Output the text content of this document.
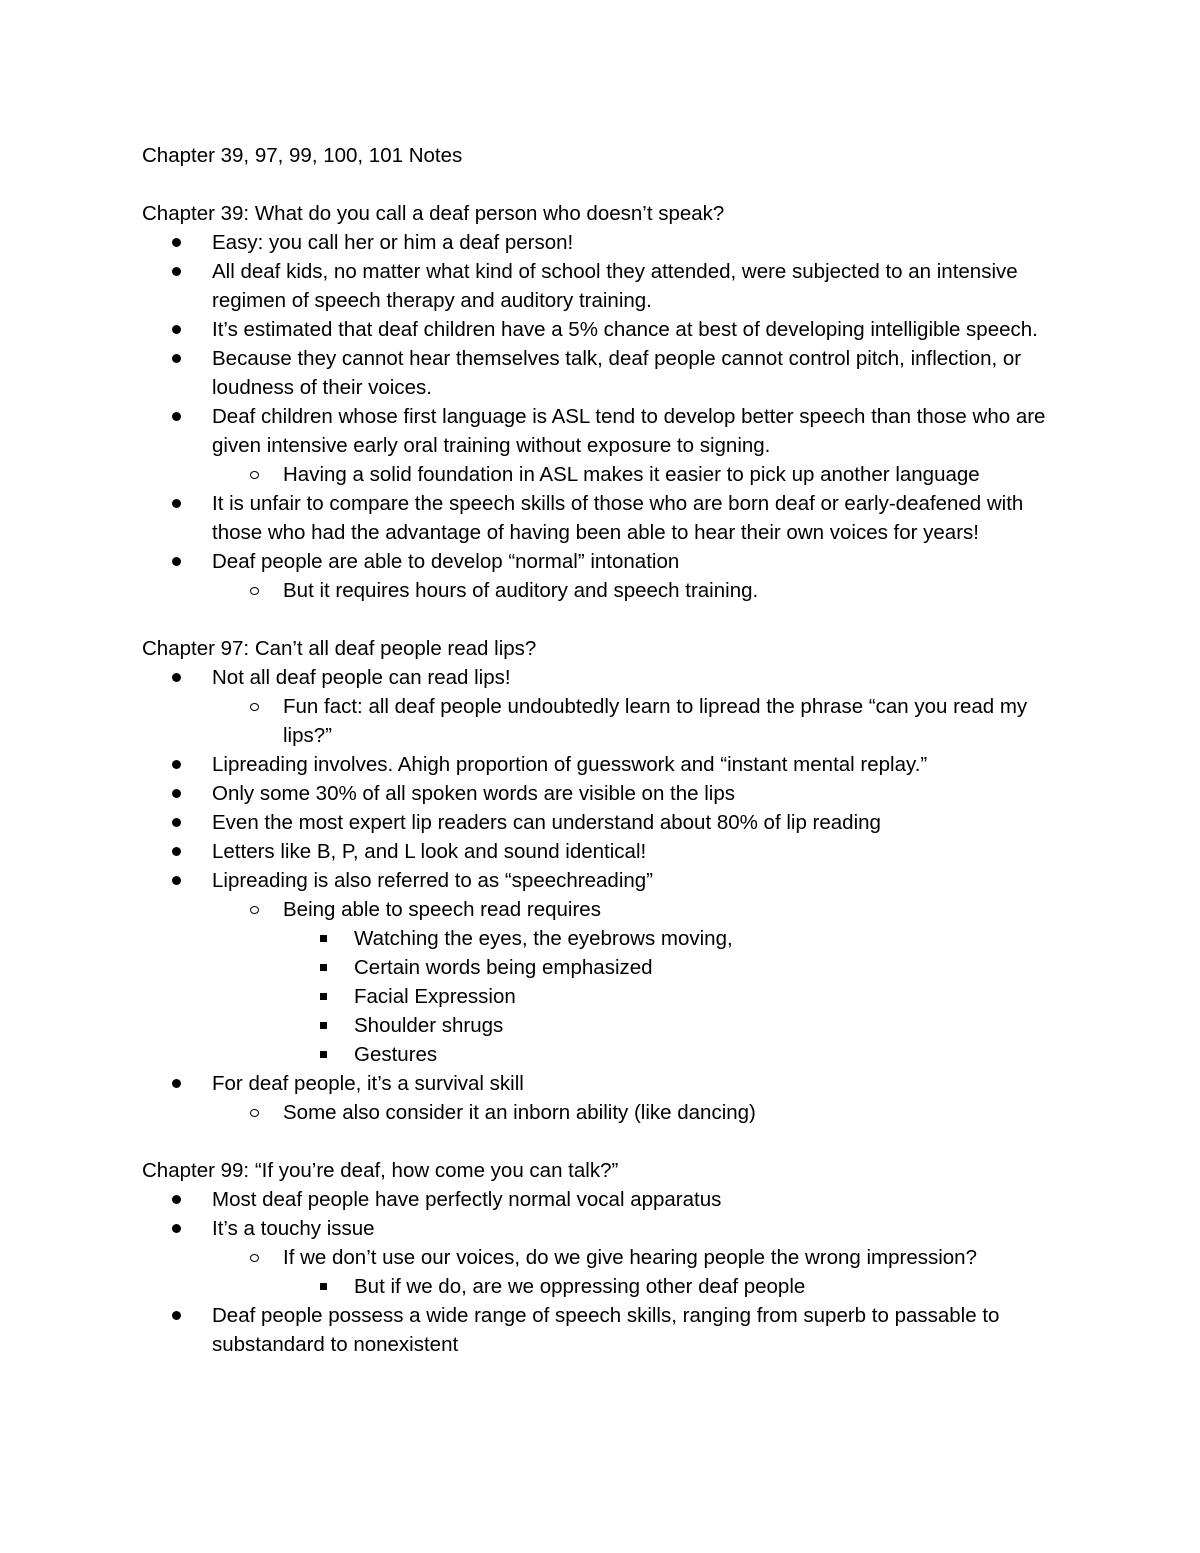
Chapter 39, 97, 99, 100, 101 Notes

Chapter 39: What do you call a deaf person who doesn’t speak?

Easy: you call her or him a deaf person!
All deaf kids, no matter what kind of school they attended, were subjected to an intensive regimen of speech therapy and auditory training.
It’s estimated that deaf children have a 5% chance at best of developing intelligible speech.
Because they cannot hear themselves talk, deaf people cannot control pitch, inflection, or loudness of their voices.
Deaf children whose first language is ASL tend to develop better speech than those who are given intensive early oral training without exposure to signing.
Having a solid foundation in ASL makes it easier to pick up another language
It is unfair to compare the speech skills of those who are born deaf or early-deafened with those who had the advantage of having been able to hear their own voices for years!
Deaf people are able to develop “normal” intonation
But it requires hours of auditory and speech training.

Chapter 97: Can’t all deaf people read lips?

Not all deaf people can read lips!
Fun fact: all deaf people undoubtedly learn to lipread the phrase “can you read my lips?”
Lipreading involves. Ahigh proportion of guesswork and “instant mental replay.”
Only some 30% of all spoken words are visible on the lips
Even the most expert lip readers can understand about 80% of lip reading
Letters like B, P, and L look and sound identical!
Lipreading is also referred to as “speechreading”
Being able to speech read requires
Watching the eyes, the eyebrows moving,
Certain words being emphasized
Facial Expression
Shoulder shrugs
Gestures
For deaf people, it’s a survival skill
Some also consider it an inborn ability (like dancing)

Chapter 99: “If you’re deaf, how come you can talk?”

Most deaf people have perfectly normal vocal apparatus
It’s a touchy issue
If we don’t use our voices, do we give hearing people the wrong impression?
But if we do, are we oppressing other deaf people
Deaf people possess a wide range of speech skills, ranging from superb to passable to substandard to nonexistent
